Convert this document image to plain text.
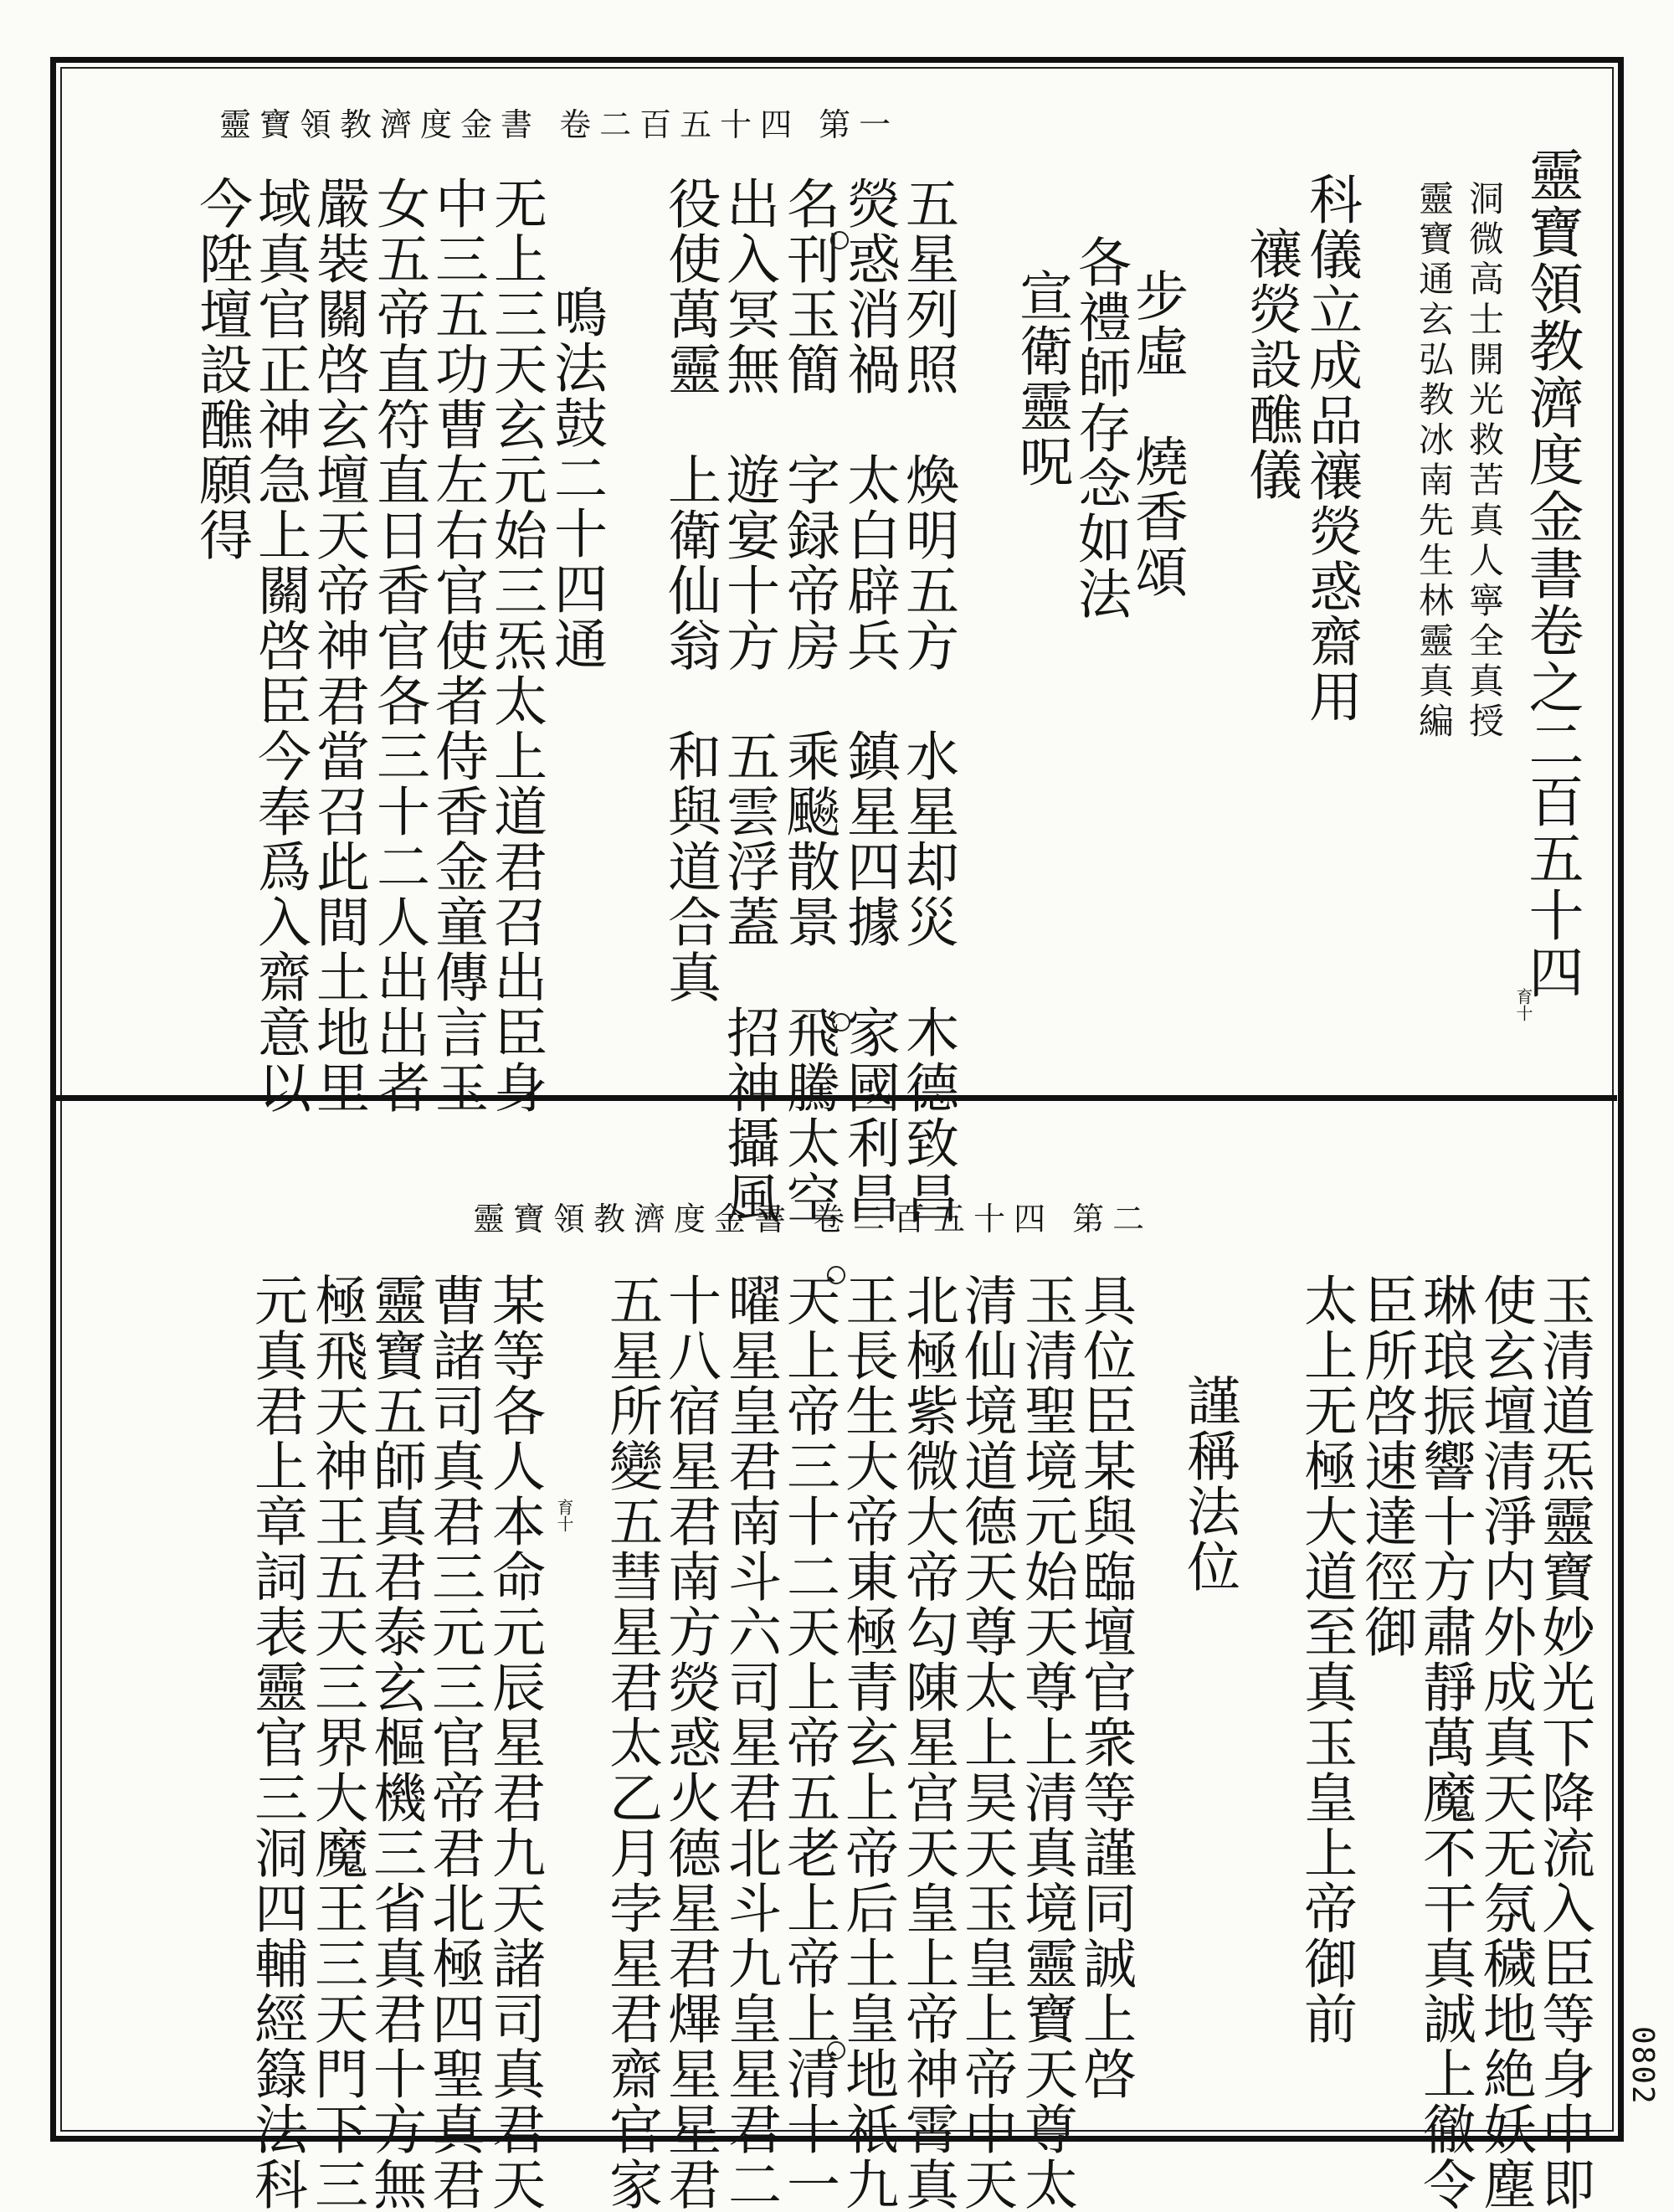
靈寶領教濟度金書 卷二百五十四 第一
靈寶領教濟度金書卷之二百五十四
洞微高士開光救苦真人寧全真授
靈寶通玄弘教冰南先生林靈真編
科儀立成品禳熒惑齋用
禳熒設醮儀
步虛　燒香頌
各禮師存念如法
宣衛靈呪
五星列照　煥明五方　水星却災　木德致昌
熒惑消禍　太白辟兵　鎮星四據　家國利昌
名刊玉簡　字録帝房　乘飈散景　飛騰太空
出入冥無　遊宴十方　五雲浮蓋　招神攝風
役使萬靈　上衛仙翁　和與道合真
鳴法鼓二十四通
无上三天玄元始三炁太上道君召出臣身
中三五功曹左右官使者侍香金童傳言玉
女五帝直符直日香官各三十二人出出者
嚴裝關啓玄壇天帝神君當召此間土地里
域真官正神急上關啓臣今奉爲入齋意以
今陞壇設醮願得
育十
靈寶領教濟度金書 卷二百五十四 第二
玉清道炁靈寶妙光下降流入臣等身中即
使玄壇清淨内外成真天无氛穢地絶妖塵
琳琅振響十方肅靜萬魔不干真誠上徹令
臣所啓速達徑御
太上无極大道至真玉皇上帝御前
謹稱法位
具位臣某與臨壇官衆等謹同誠上啓
玉清聖境元始天尊上清真境靈寶天尊太
清仙境道德天尊太上昊天玉皇上帝中天
北極紫微大帝勾陳星宫天皇上帝神霄真
王長生大帝東極青玄上帝后土皇地祇九
天上帝三十二天上帝五老上帝上清十一
曜星皇君南斗六司星君北斗九皇星君二
十八宿星君南方熒惑火德星君熚星星君
五星所變五彗星君太乙月孛星君齋官家
某等各人本命元辰星君九天諸司真君天
曹諸司真君三元三官帝君北極四聖真君
靈寶五師真君泰玄樞機三省真君十方無
極飛天神王五天三界大魔王三天門下三
元真君上章詞表靈官三洞四輔經籙法科	育十
0802
